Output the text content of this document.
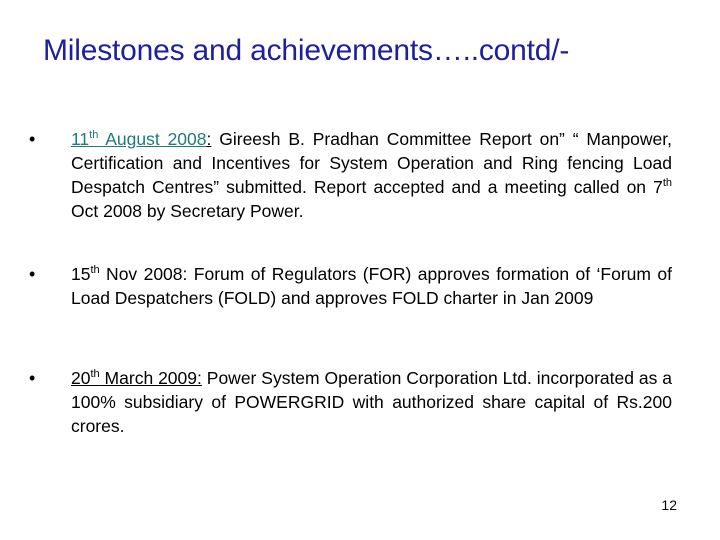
Milestones and achievements…..contd/-
• 11th August 2008: Gireesh B. Pradhan Committee Report on” “ Manpower, Certification and Incentives for System Operation and Ring fencing Load Despatch Centres” submitted. Report accepted and a meeting called on 7th Oct 2008 by Secretary Power.
• 15th Nov 2008: Forum of Regulators (FOR) approves formation of ‘Forum of Load Despatchers (FOLD) and approves FOLD charter in Jan 2009
• 20th March 2009: Power System Operation Corporation Ltd. incorporated as a 100% subsidiary of POWERGRID with authorized share capital of Rs.200 crores.
12
